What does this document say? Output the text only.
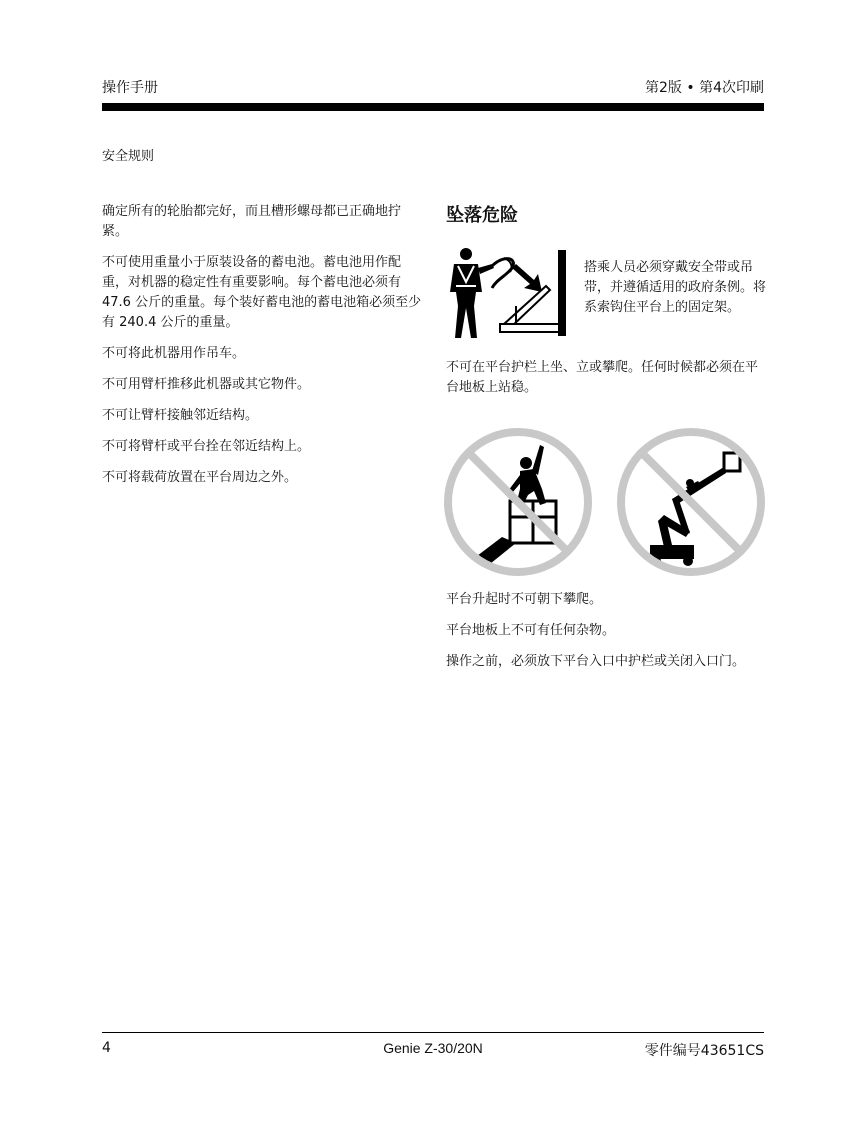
操作手册	第2版 • 第4次印刷
安全规则

确定所有的轮胎都完好，而且槽形螺母都已正确地拧紧。

不可使用重量小于原装设备的蓄电池。蓄电池用作配重，对机器的稳定性有重要影响。每个蓄电池必须有 47.6 公斤的重量。每个装好蓄电池的蓄电池箱必须至少有 240.4 公斤的重量。

不可将此机器用作吊车。

不可用臂杆推移此机器或其它物件。

不可让臂杆接触邻近结构。

不可将臂杆或平台拴在邻近结构上。

不可将载荷放置在平台周边之外。

坠落危险

搭乘人员必须穿戴安全带或吊带，并遵循适用的政府条例。将系索钩住平台上的固定架。

不可在平台护栏上坐、立或攀爬。任何时候都必须在平台地板上站稳。

平台升起时不可朝下攀爬。

平台地板上不可有任何杂物。

操作之前，必须放下平台入口中护栏或关闭入口门。

4	Genie Z-30/20N	零件编号43651CS
